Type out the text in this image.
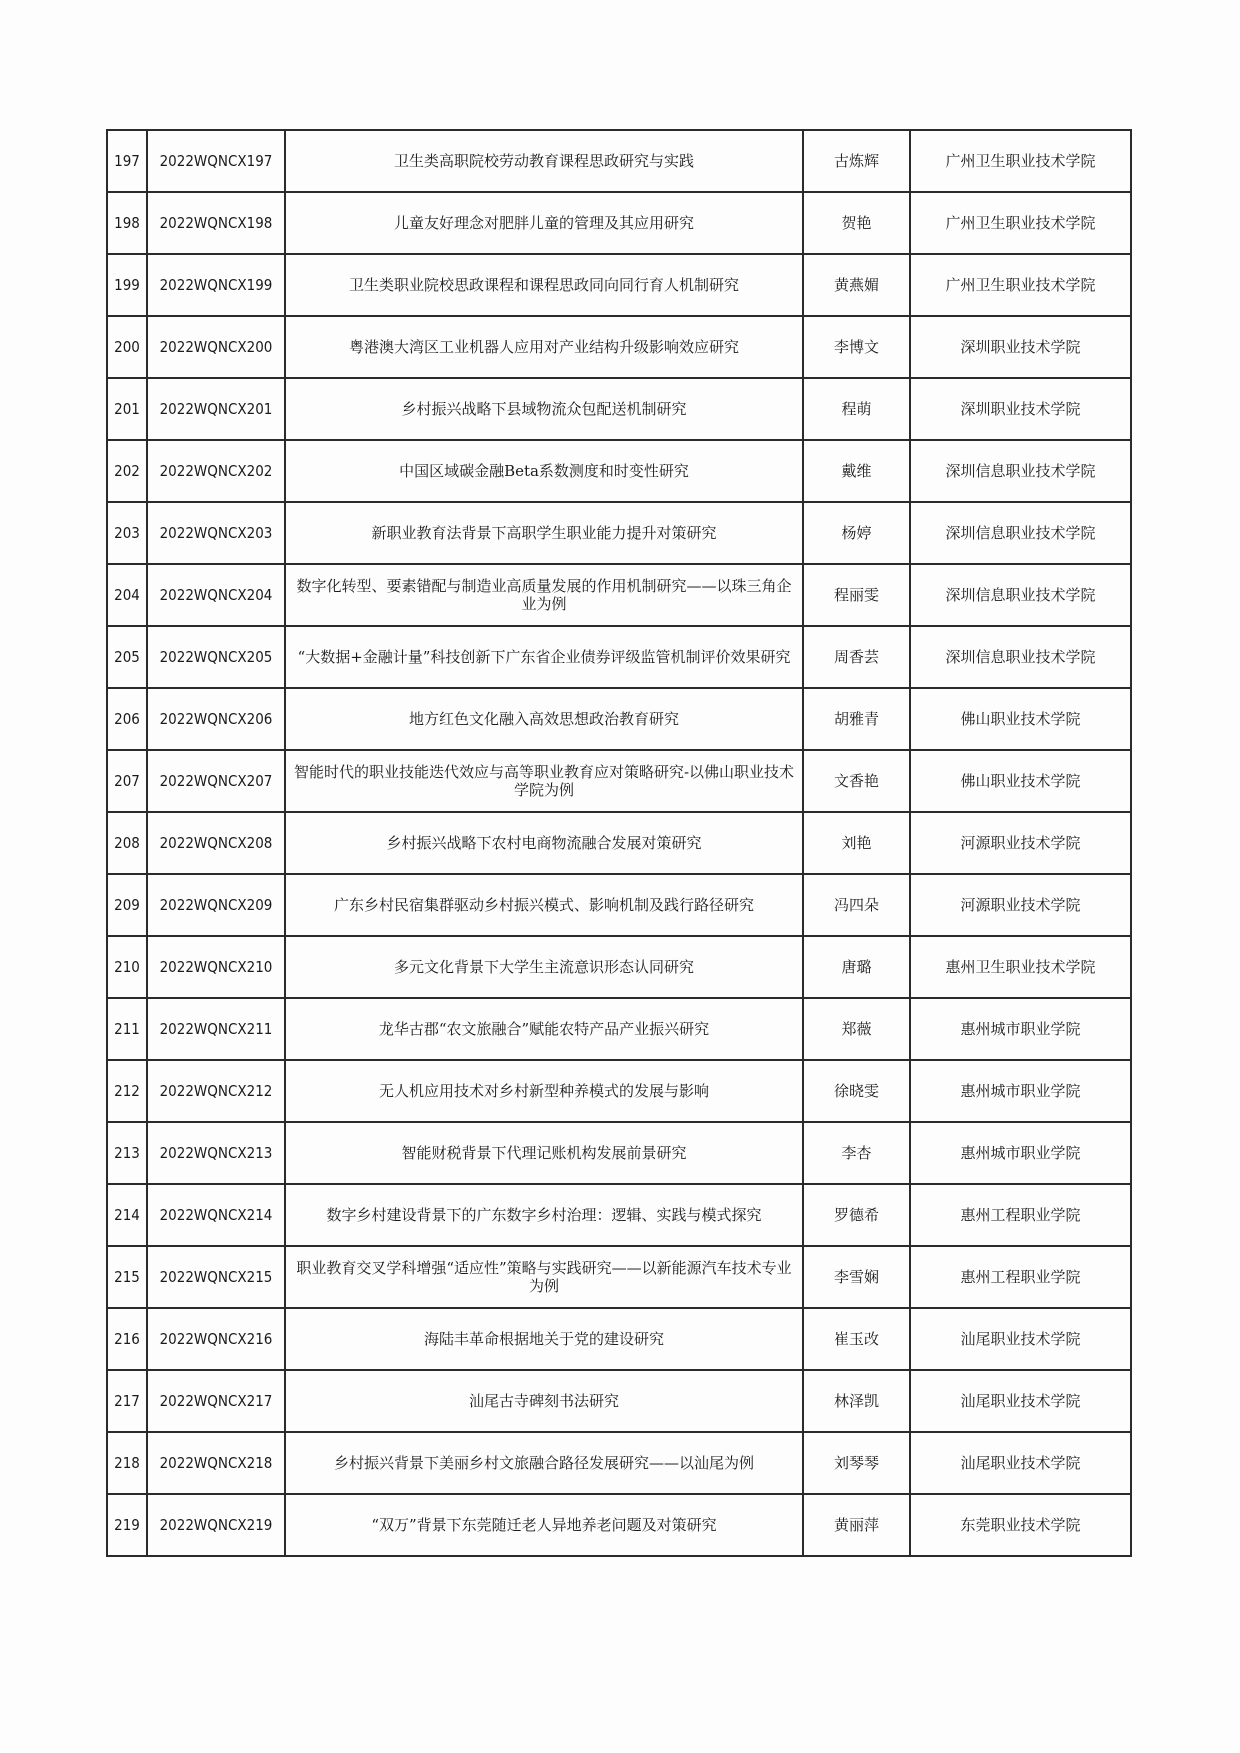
197	2022WQNCX197	卫生类高职院校劳动教育课程思政研究与实践	古炼辉	广州卫生职业技术学院
198	2022WQNCX198	儿童友好理念对肥胖儿童的管理及其应用研究	贺艳	广州卫生职业技术学院
199	2022WQNCX199	卫生类职业院校思政课程和课程思政同向同行育人机制研究	黄燕媚	广州卫生职业技术学院
200	2022WQNCX200	粤港澳大湾区工业机器人应用对产业结构升级影响效应研究	李博文	深圳职业技术学院
201	2022WQNCX201	乡村振兴战略下县域物流众包配送机制研究	程萌	深圳职业技术学院
202	2022WQNCX202	中国区域碳金融Beta系数测度和时变性研究	戴维	深圳信息职业技术学院
203	2022WQNCX203	新职业教育法背景下高职学生职业能力提升对策研究	杨婷	深圳信息职业技术学院
204	2022WQNCX204	数字化转型、要素错配与制造业高质量发展的作用机制研究——以珠三角企业为例	程丽雯	深圳信息职业技术学院
205	2022WQNCX205	“大数据+金融计量”科技创新下广东省企业债券评级监管机制评价效果研究	周香芸	深圳信息职业技术学院
206	2022WQNCX206	地方红色文化融入高效思想政治教育研究	胡雅青	佛山职业技术学院
207	2022WQNCX207	智能时代的职业技能迭代效应与高等职业教育应对策略研究-以佛山职业技术学院为例	文香艳	佛山职业技术学院
208	2022WQNCX208	乡村振兴战略下农村电商物流融合发展对策研究	刘艳	河源职业技术学院
209	2022WQNCX209	广东乡村民宿集群驱动乡村振兴模式、影响机制及践行路径研究	冯四朵	河源职业技术学院
210	2022WQNCX210	多元文化背景下大学生主流意识形态认同研究	唐璐	惠州卫生职业技术学院
211	2022WQNCX211	龙华古郡“农文旅融合”赋能农特产品产业振兴研究	郑薇	惠州城市职业学院
212	2022WQNCX212	无人机应用技术对乡村新型种养模式的发展与影响	徐晓雯	惠州城市职业学院
213	2022WQNCX213	智能财税背景下代理记账机构发展前景研究	李杏	惠州城市职业学院
214	2022WQNCX214	数字乡村建设背景下的广东数字乡村治理：逻辑、实践与模式探究	罗德希	惠州工程职业学院
215	2022WQNCX215	职业教育交叉学科增强“适应性”策略与实践研究——以新能源汽车技术专业为例	李雪娴	惠州工程职业学院
216	2022WQNCX216	海陆丰革命根据地关于党的建设研究	崔玉改	汕尾职业技术学院
217	2022WQNCX217	汕尾古寺碑刻书法研究	林泽凯	汕尾职业技术学院
218	2022WQNCX218	乡村振兴背景下美丽乡村文旅融合路径发展研究——以汕尾为例	刘琴琴	汕尾职业技术学院
219	2022WQNCX219	“双万”背景下东莞随迁老人异地养老问题及对策研究	黄丽萍	东莞职业技术学院
